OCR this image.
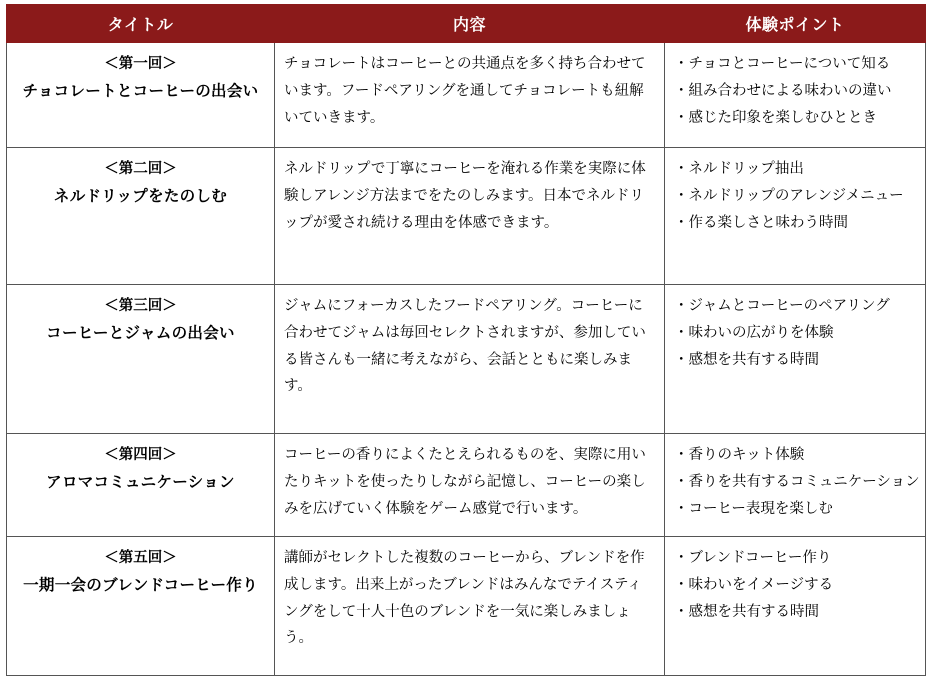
タイトル	内容	体験ポイント

＜第一回＞
チョコレートとコーヒーの出会い	チョコレートはコーヒーとの共通点を多く持ち合わせています。フードペアリングを通してチョコレートも紐解いていきます。	・チョコとコーヒーについて知る
・組み合わせによる味わいの違い
・感じた印象を楽しむひととき

＜第二回＞
ネルドリップをたのしむ	ネルドリップで丁寧にコーヒーを淹れる作業を実際に体験しアレンジ方法までをたのしみます。日本でネルドリップが愛され続ける理由を体感できます。	・ネルドリップ抽出
・ネルドリップのアレンジメニュー
・作る楽しさと味わう時間

＜第三回＞
コーヒーとジャムの出会い	ジャムにフォーカスしたフードペアリング。コーヒーに合わせてジャムは毎回セレクトされますが、参加している皆さんも一緒に考えながら、会話とともに楽しみます。	・ジャムとコーヒーのペアリング
・味わいの広がりを体験
・感想を共有する時間

＜第四回＞
アロマコミュニケーション	コーヒーの香りによくたとえられるものを、実際に用いたりキットを使ったりしながら記憶し、コーヒーの楽しみを広げていく体験をゲーム感覚で行います。	・香りのキット体験
・香りを共有するコミュニケーション
・コーヒー表現を楽しむ

＜第五回＞
一期一会のブレンドコーヒー作り	講師がセレクトした複数のコーヒーから、ブレンドを作成します。出来上がったブレンドはみんなでテイスティングをして十人十色のブレンドを一気に楽しみましょう。	・ブレンドコーヒー作り
・味わいをイメージする
・感想を共有する時間
